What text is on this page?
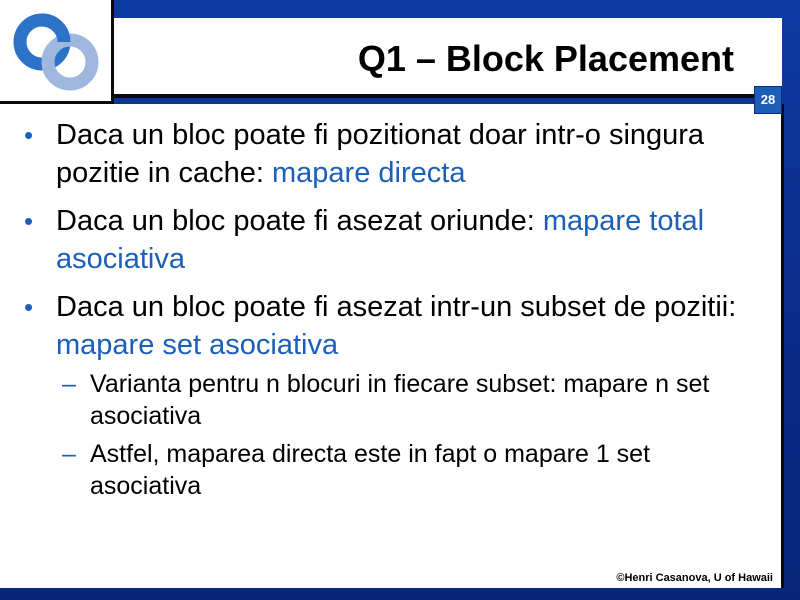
Q1 – Block Placement
28
• Daca un bloc poate fi pozitionat doar intr-o singura pozitie in cache: mapare directa
• Daca un bloc poate fi asezat oriunde: mapare total asociativa
• Daca un bloc poate fi asezat intr-un subset de pozitii: mapare set asociativa
– Varianta pentru n blocuri in fiecare subset: mapare n set asociativa
– Astfel, maparea directa este in fapt o mapare 1 set asociativa
©Henri Casanova, U of Hawaii
